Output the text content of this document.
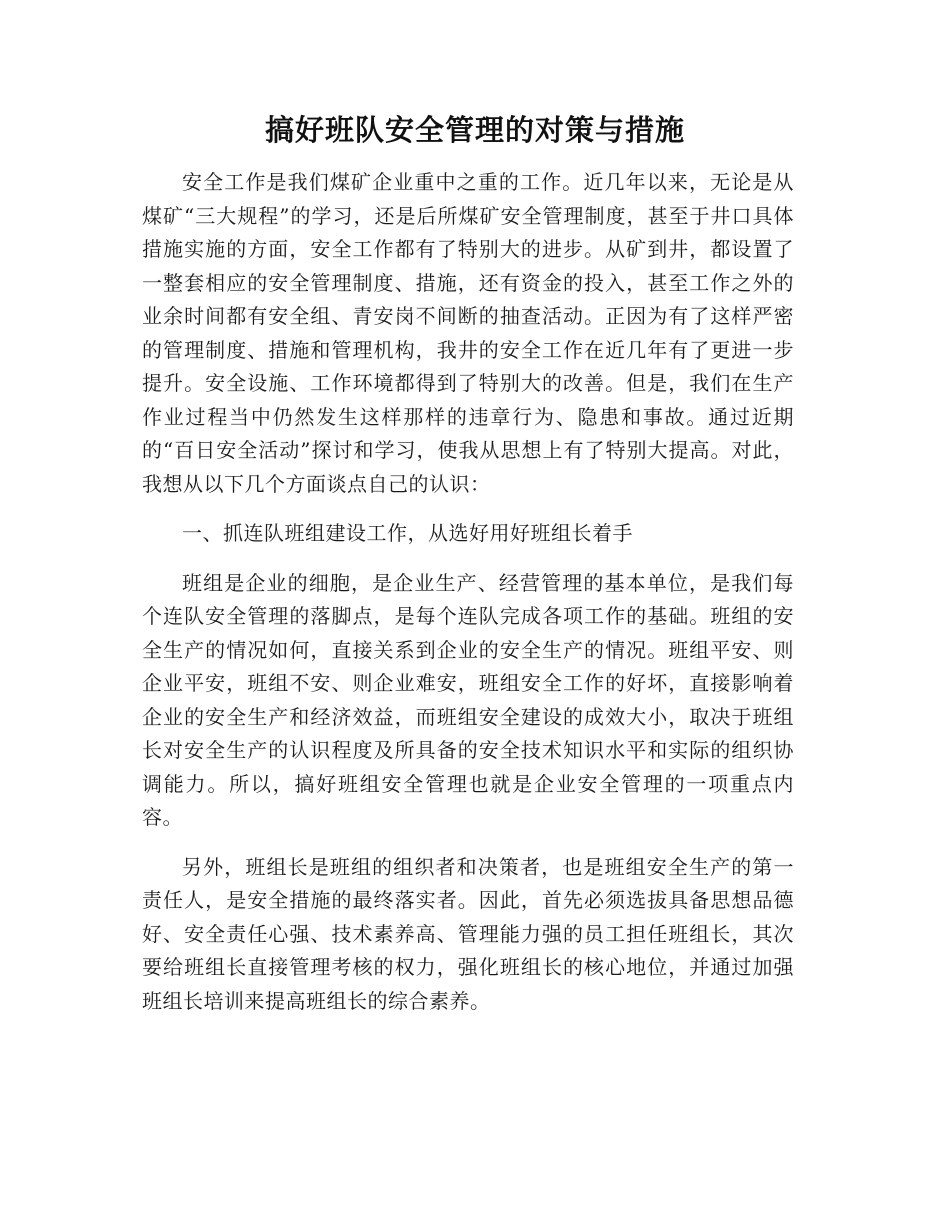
搞好班队安全管理的对策与措施

安全工作是我们煤矿企业重中之重的工作。近几年以来，无论是从煤矿“三大规程”的学习，还是后所煤矿安全管理制度，甚至于井口具体措施实施的方面，安全工作都有了特别大的进步。从矿到井，都设置了一整套相应的安全管理制度、措施，还有资金的投入，甚至工作之外的业余时间都有安全组、青安岗不间断的抽查活动。正因为有了这样严密的管理制度、措施和管理机构，我井的安全工作在近几年有了更进一步提升。安全设施、工作环境都得到了特别大的改善。但是，我们在生产作业过程当中仍然发生这样那样的违章行为、隐患和事故。通过近期的“百日安全活动”探讨和学习，使我从思想上有了特别大提高。对此，我想从以下几个方面谈点自己的认识：

一、抓连队班组建设工作，从选好用好班组长着手

班组是企业的细胞，是企业生产、经营管理的基本单位，是我们每个连队安全管理的落脚点，是每个连队完成各项工作的基础。班组的安全生产的情况如何，直接关系到企业的安全生产的情况。班组平安、则企业平安，班组不安、则企业难安，班组安全工作的好坏，直接影响着企业的安全生产和经济效益，而班组安全建设的成效大小，取决于班组长对安全生产的认识程度及所具备的安全技术知识水平和实际的组织协调能力。所以，搞好班组安全管理也就是企业安全管理的一项重点内容。

另外，班组长是班组的组织者和决策者，也是班组安全生产的第一责任人，是安全措施的最终落实者。因此，首先必须选拔具备思想品德好、安全责任心强、技术素养高、管理能力强的员工担任班组长，其次要给班组长直接管理考核的权力，强化班组长的核心地位，并通过加强班组长培训来提高班组长的综合素养。
